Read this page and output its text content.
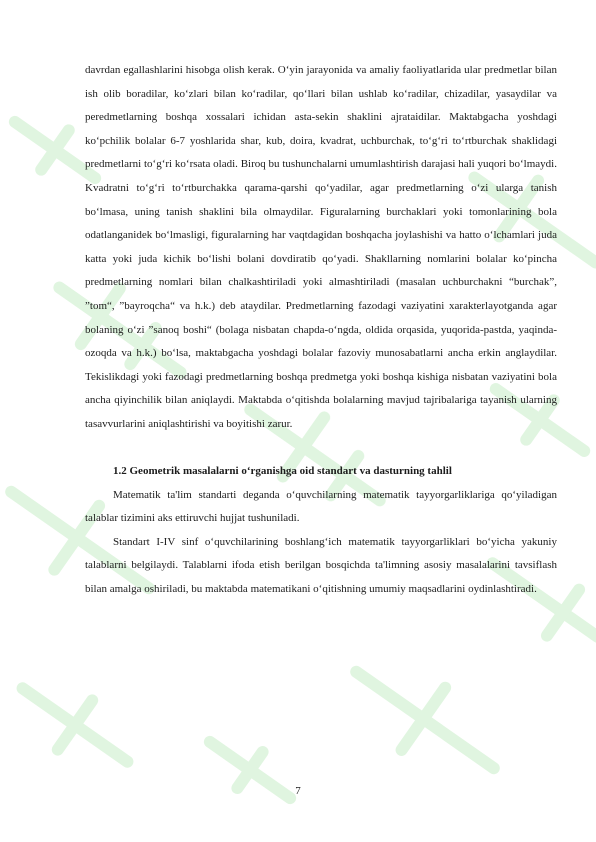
davrdan egallashlarini hisobga olish kerak. O‘yin jarayonida va amaliy faoliyatlarida ular predmetlar bilan ish olib boradilar, ko‘zlari bilan ko‘radilar, qo‘llari bilan ushlab ko‘radilar, chizadilar, yasaydilar va peredmetlarning boshqa xossalari ichidan asta-sekin shaklini ajrataidilar. Maktabgacha yoshdagi ko‘pchilik bolalar 6-7 yoshlarida shar, kub, doira, kvadrat, uchburchak, to‘g‘ri to‘rtburchak shaklidagi predmetlarni to‘g‘ri ko‘rsata oladi. Biroq bu tushunchalarni umumlashtirish darajasi hali yuqori bo‘lmaydi. Kvadratni to‘g‘ri to‘rtburchakka qarama-qarshi qo‘yadilar, agar predmetlarning o‘zi ularga tanish bo‘lmasa, uning tanish shaklini bila olmaydilar. Figuralarning burchaklari yoki tomonlarining bola odatlanganidek bo‘lmasligi, figuralarning har vaqtdagidan boshqacha joylashishi va hatto o‘lchamlari juda katta yoki juda kichik bo‘lishi bolani dovdiratib qo‘yadi. Shakllarning nomlarini bolalar ko‘pincha predmetlarning nomlari bilan chalkashtiriladi yoki almashtiriladi (masalan uchburchakni “burchak”, ”tom“, ”bayroqcha“ va h.k.) deb ataydilar. Predmetlarning fazodagi vaziyatini xarakterlayotganda agar bolaning o‘zi ”sanoq boshi“ (bolaga nisbatan chapda-o‘ngda, oldida orqasida, yuqorida-pastda, yaqinda-ozoqda va h.k.) bo‘lsa, maktabgacha yoshdagi bolalar fazoviy munosabatlarni ancha erkin anglaydilar. Tekislikdagi yoki fazodagi predmetlarning boshqa predmetga yoki boshqa kishiga nisbatan vaziyatini bola ancha qiyinchilik bilan aniqlaydi. Maktabda o‘qitishda bolalarning mavjud tajribalariga tayanish ularning tasavvurlarini aniqlashtirishi va boyitishi zarur.

1.2 Geometrik masalalarni o‘rganishga oid standart va dasturning tahlil

Matematik ta'lim standarti deganda o‘quvchilarning matematik tayyorgarliklariga qo‘yiladigan talablar tizimini aks ettiruvchi hujjat tushuniladi.

Standart I-IV sinf o‘quvchilarining boshlang‘ich matematik tayyorgarliklari bo‘yicha yakuniy talablarni belgilaydi. Talablarni ifoda etish berilgan bosqichda ta'limning asosiy masalalarini tavsiflash bilan amalga oshiriladi, bu maktabda matematikani o‘qitishning umumiy maqsadlarini oydinlashtiradi.

7
